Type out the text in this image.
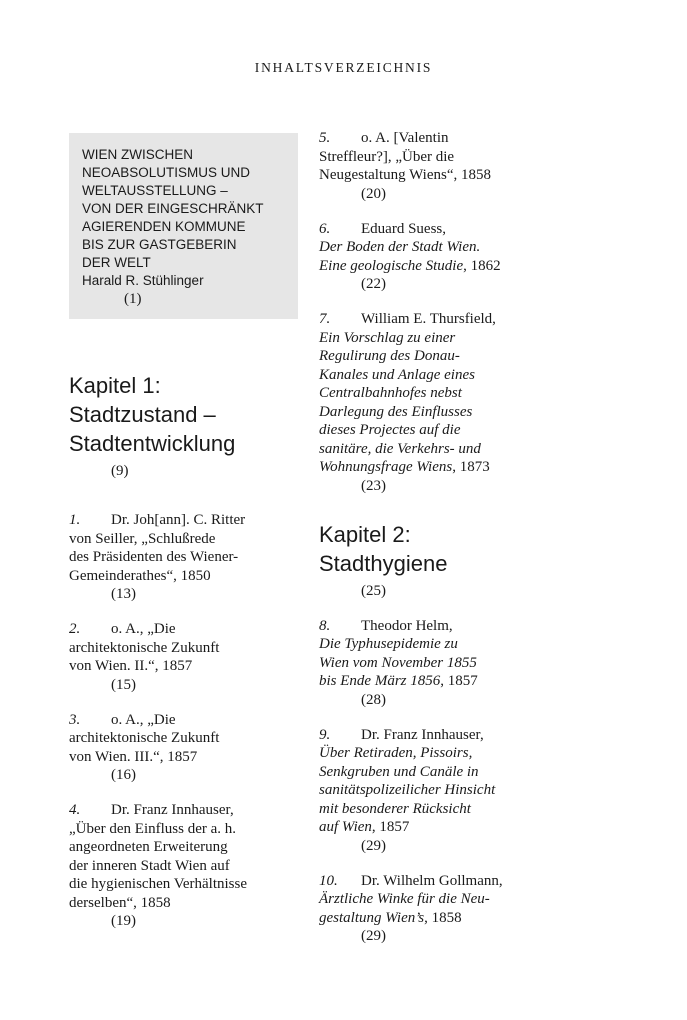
INHALTSVERZEICHNIS
WIEN ZWISCHEN
NEOABSOLUTISMUS UND
WELTAUSSTELLUNG –
VON DER EINGESCHRÄNKT
AGIERENDEN KOMMUNE
BIS ZUR GASTGEBERIN
DER WELT
Harald R. Stühlinger
(1)
Kapitel 1:
Stadtzustand –
Stadtentwicklung
(9)
1. Dr. Joh[ann]. C. Ritter
von Seiller, „Schlußrede
des Präsidenten des Wiener-
Gemeinderathes“, 1850
(13)
2. o. A., „Die
architektonische Zukunft
von Wien. II.“, 1857
(15)
3. o. A., „Die
architektonische Zukunft
von Wien. III.“, 1857
(16)
4. Dr. Franz Innhauser,
„Über den Einfluss der a. h.
angeordneten Erweiterung
der inneren Stadt Wien auf
die hygienischen Verhältnisse
derselben“, 1858
(19)
5. o. A. [Valentin
Streffleur?], „Über die
Neugestaltung Wiens“, 1858
(20)
6. Eduard Suess,
Der Boden der Stadt Wien.
Eine geologische Studie, 1862
(22)
7. William E. Thursfield,
Ein Vorschlag zu einer
Regulirung des Donau-
Kanales und Anlage eines
Centralbahnhofes nebst
Darlegung des Einflusses
dieses Projectes auf die
sanitäre, die Verkehrs- und
Wohnungsfrage Wiens, 1873
(23)
Kapitel 2:
Stadthygiene
(25)
8. Theodor Helm,
Die Typhusepidemie zu
Wien vom November 1855
bis Ende März 1856, 1857
(28)
9. Dr. Franz Innhauser,
Über Retiraden, Pissoirs,
Senkgruben und Canäle in
sanitätspolizeilicher Hinsicht
mit besonderer Rücksicht
auf Wien, 1857
(29)
10. Dr. Wilhelm Gollmann,
Ärztliche Winke für die Neu-
gestaltung Wien’s, 1858
(29)
